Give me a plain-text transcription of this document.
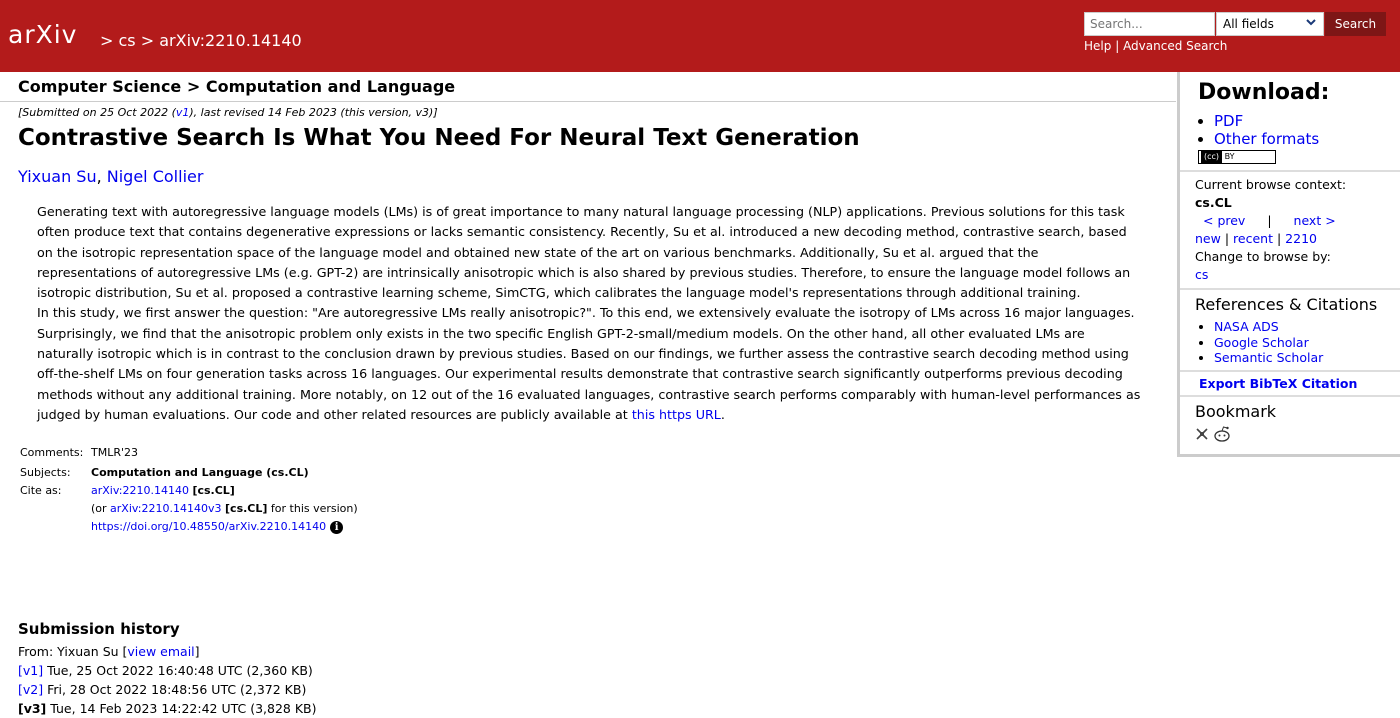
arXiv > cs > arXiv:2210.14140
Search...
All fields	Search
Help | Advanced Search
Computer Science > Computation and Language
[Submitted on 25 Oct 2022 (v1), last revised 14 Feb 2023 (this version, v3)]
Contrastive Search Is What You Need For Neural Text Generation
Yixuan Su, Nigel Collier

Generating text with autoregressive language models (LMs) is of great importance to many natural language processing (NLP) applications. Previous solutions for this task often produce text that contains degenerative expressions or lacks semantic consistency. Recently, Su et al. introduced a new decoding method, contrastive search, based on the isotropic representation space of the language model and obtained new state of the art on various benchmarks. Additionally, Su et al. argued that the representations of autoregressive LMs (e.g. GPT-2) are intrinsically anisotropic which is also shared by previous studies. Therefore, to ensure the language model follows an isotropic distribution, Su et al. proposed a contrastive learning scheme, SimCTG, which calibrates the language model's representations through additional training.

In this study, we first answer the question: "Are autoregressive LMs really anisotropic?". To this end, we extensively evaluate the isotropy of LMs across 16 major languages. Surprisingly, we find that the anisotropic problem only exists in the two specific English GPT-2-small/medium models. On the other hand, all other evaluated LMs are naturally isotropic which is in contrast to the conclusion drawn by previous studies. Based on our findings, we further assess the contrastive search decoding method using off-the-shelf LMs on four generation tasks across 16 languages. Our experimental results demonstrate that contrastive search significantly outperforms previous decoding methods without any additional training. More notably, on 12 out of the 16 evaluated languages, contrastive search performs comparably with human-level performances as judged by human evaluations. Our code and other related resources are publicly available at this https URL.

Comments: TMLR'23
Subjects:	Computation and Language (cs.CL)
Cite as:	arXiv:2210.14140 [cs.CL]
(or arXiv:2210.14140v3 [cs.CL] for this version)
https://doi.org/10.48550/arXiv.2210.14140 i
Submission history
From: Yixuan Su [view email]
[v1] Tue, 25 Oct 2022 16:40:48 UTC (2,360 KB)
[v2] Fri, 28 Oct 2022 18:48:56 UTC (2,372 KB)
[v3] Tue, 14 Feb 2023 14:22:42 UTC (3,828 KB)
Download:
• PDF
• Other formats
(cc) BY
Current browse context:
cs.CL
< prev | next >
new | recent | 2210
Change to browse by:
cs
References & Citations
• NASA ADS
• Google Scholar
• Semantic Scholar
Export BibTeX Citation
Bookmark
